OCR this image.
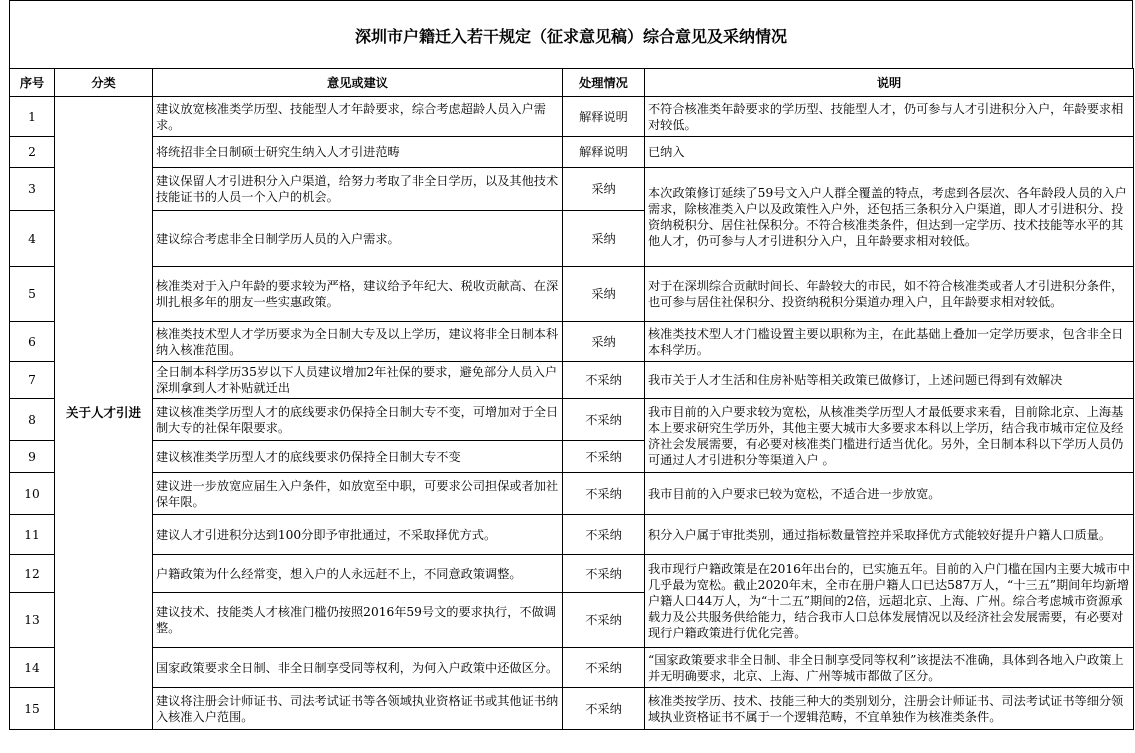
深圳市户籍迁入若干规定（征求意见稿）综合意见及采纳情况
序号	分类	意见或建议	处理情况	说明
1	关于人才引进	建议放宽核准类学历型、技能型人才年龄要求，综合考虑超龄人员入户需求。	解释说明	不符合核准类年龄要求的学历型、技能型人才，仍可参与人才引进积分入户，年龄要求相对较低。
2		将统招非全日制硕士研究生纳入人才引进范畴	解释说明	已纳入
3		建议保留人才引进积分入户渠道，给努力考取了非全日学历，以及其他技术技能证书的人员一个入户的机会。	采纳	本次政策修订延续了59号文入户人群全覆盖的特点，考虑到各层次、各年龄段人员的入户需求，除核准类入户以及政策性入户外，还包括三条积分入户渠道，即人才引进积分、投资纳税积分、居住社保积分。不符合核准类条件，但达到一定学历、技术技能等水平的其他人才，仍可参与人才引进积分入户，且年龄要求相对较低。
4		建议综合考虑非全日制学历人员的入户需求。	采纳	
5		核准类对于入户年龄的要求较为严格，建议给予年纪大、税收贡献高、在深圳扎根多年的朋友一些实惠政策。	采纳	对于在深圳综合贡献时间长、年龄较大的市民，如不符合核准类或者人才引进积分条件，也可参与居住社保积分、投资纳税积分渠道办理入户，且年龄要求相对较低。
6		核准类技术型人才学历要求为全日制大专及以上学历，建议将非全日制本科纳入核准范围。	采纳	核准类技术型人才门槛设置主要以职称为主，在此基础上叠加一定学历要求，包含非全日本科学历。
7		全日制本科学历35岁以下人员建议增加2年社保的要求，避免部分人员入户深圳拿到人才补贴就迁出	不采纳	我市关于人才生活和住房补贴等相关政策已做修订，上述问题已得到有效解决
8		建议核准类学历型人才的底线要求仍保持全日制大专不变，可增加对于全日制大专的社保年限要求。	不采纳	我市目前的入户要求较为宽松，从核准类学历型人才最低要求来看，目前除北京、上海基本上要求研究生学历外，其他主要大城市大多要求本科以上学历，结合我市城市定位及经济社会发展需要，有必要对核准类门槛进行适当优化。另外，全日制本科以下学历人员仍可通过人才引进积分等渠道入户 。
9		建议核准类学历型人才的底线要求仍保持全日制大专不变	不采纳	
10		建议进一步放宽应届生入户条件，如放宽至中职，可要求公司担保或者加社保年限。	不采纳	我市目前的入户要求已较为宽松，不适合进一步放宽。
11		建议人才引进积分达到100分即予审批通过，不采取择优方式。	不采纳	积分入户属于审批类别，通过指标数量管控并采取择优方式能较好提升户籍人口质量。
12		户籍政策为什么经常变，想入户的人永远赶不上，不同意政策调整。	不采纳	我市现行户籍政策是在2016年出台的，已实施五年。目前的入户门槛在国内主要大城市中几乎最为宽松。截止2020年末，全市在册户籍人口已达587万人，“十三五”期间年均新增户籍人口44万人，为“十二五”期间的2倍，远超北京、上海、广州。综合考虑城市资源承载力及公共服务供给能力，结合我市人口总体发展情况以及经济社会发展需要，有必要对现行户籍政策进行优化完善。
13		建议技术、技能类人才核准门槛仍按照2016年59号文的要求执行，不做调整。	不采纳	
14		国家政策要求全日制、非全日制享受同等权利，为何入户政策中还做区分。	不采纳	“国家政策要求非全日制、非全日制享受同等权利”该提法不准确，具体到各地入户政策上并无明确要求，北京、上海、广州等城市都做了区分。
15		建议将注册会计师证书、司法考试证书等各领域执业资格证书或其他证书纳入核准入户范围。	不采纳	核准类按学历、技术、技能三种大的类别划分，注册会计师证书、司法考试证书等细分领域执业资格证书不属于一个逻辑范畴，不宜单独作为核准类条件。
